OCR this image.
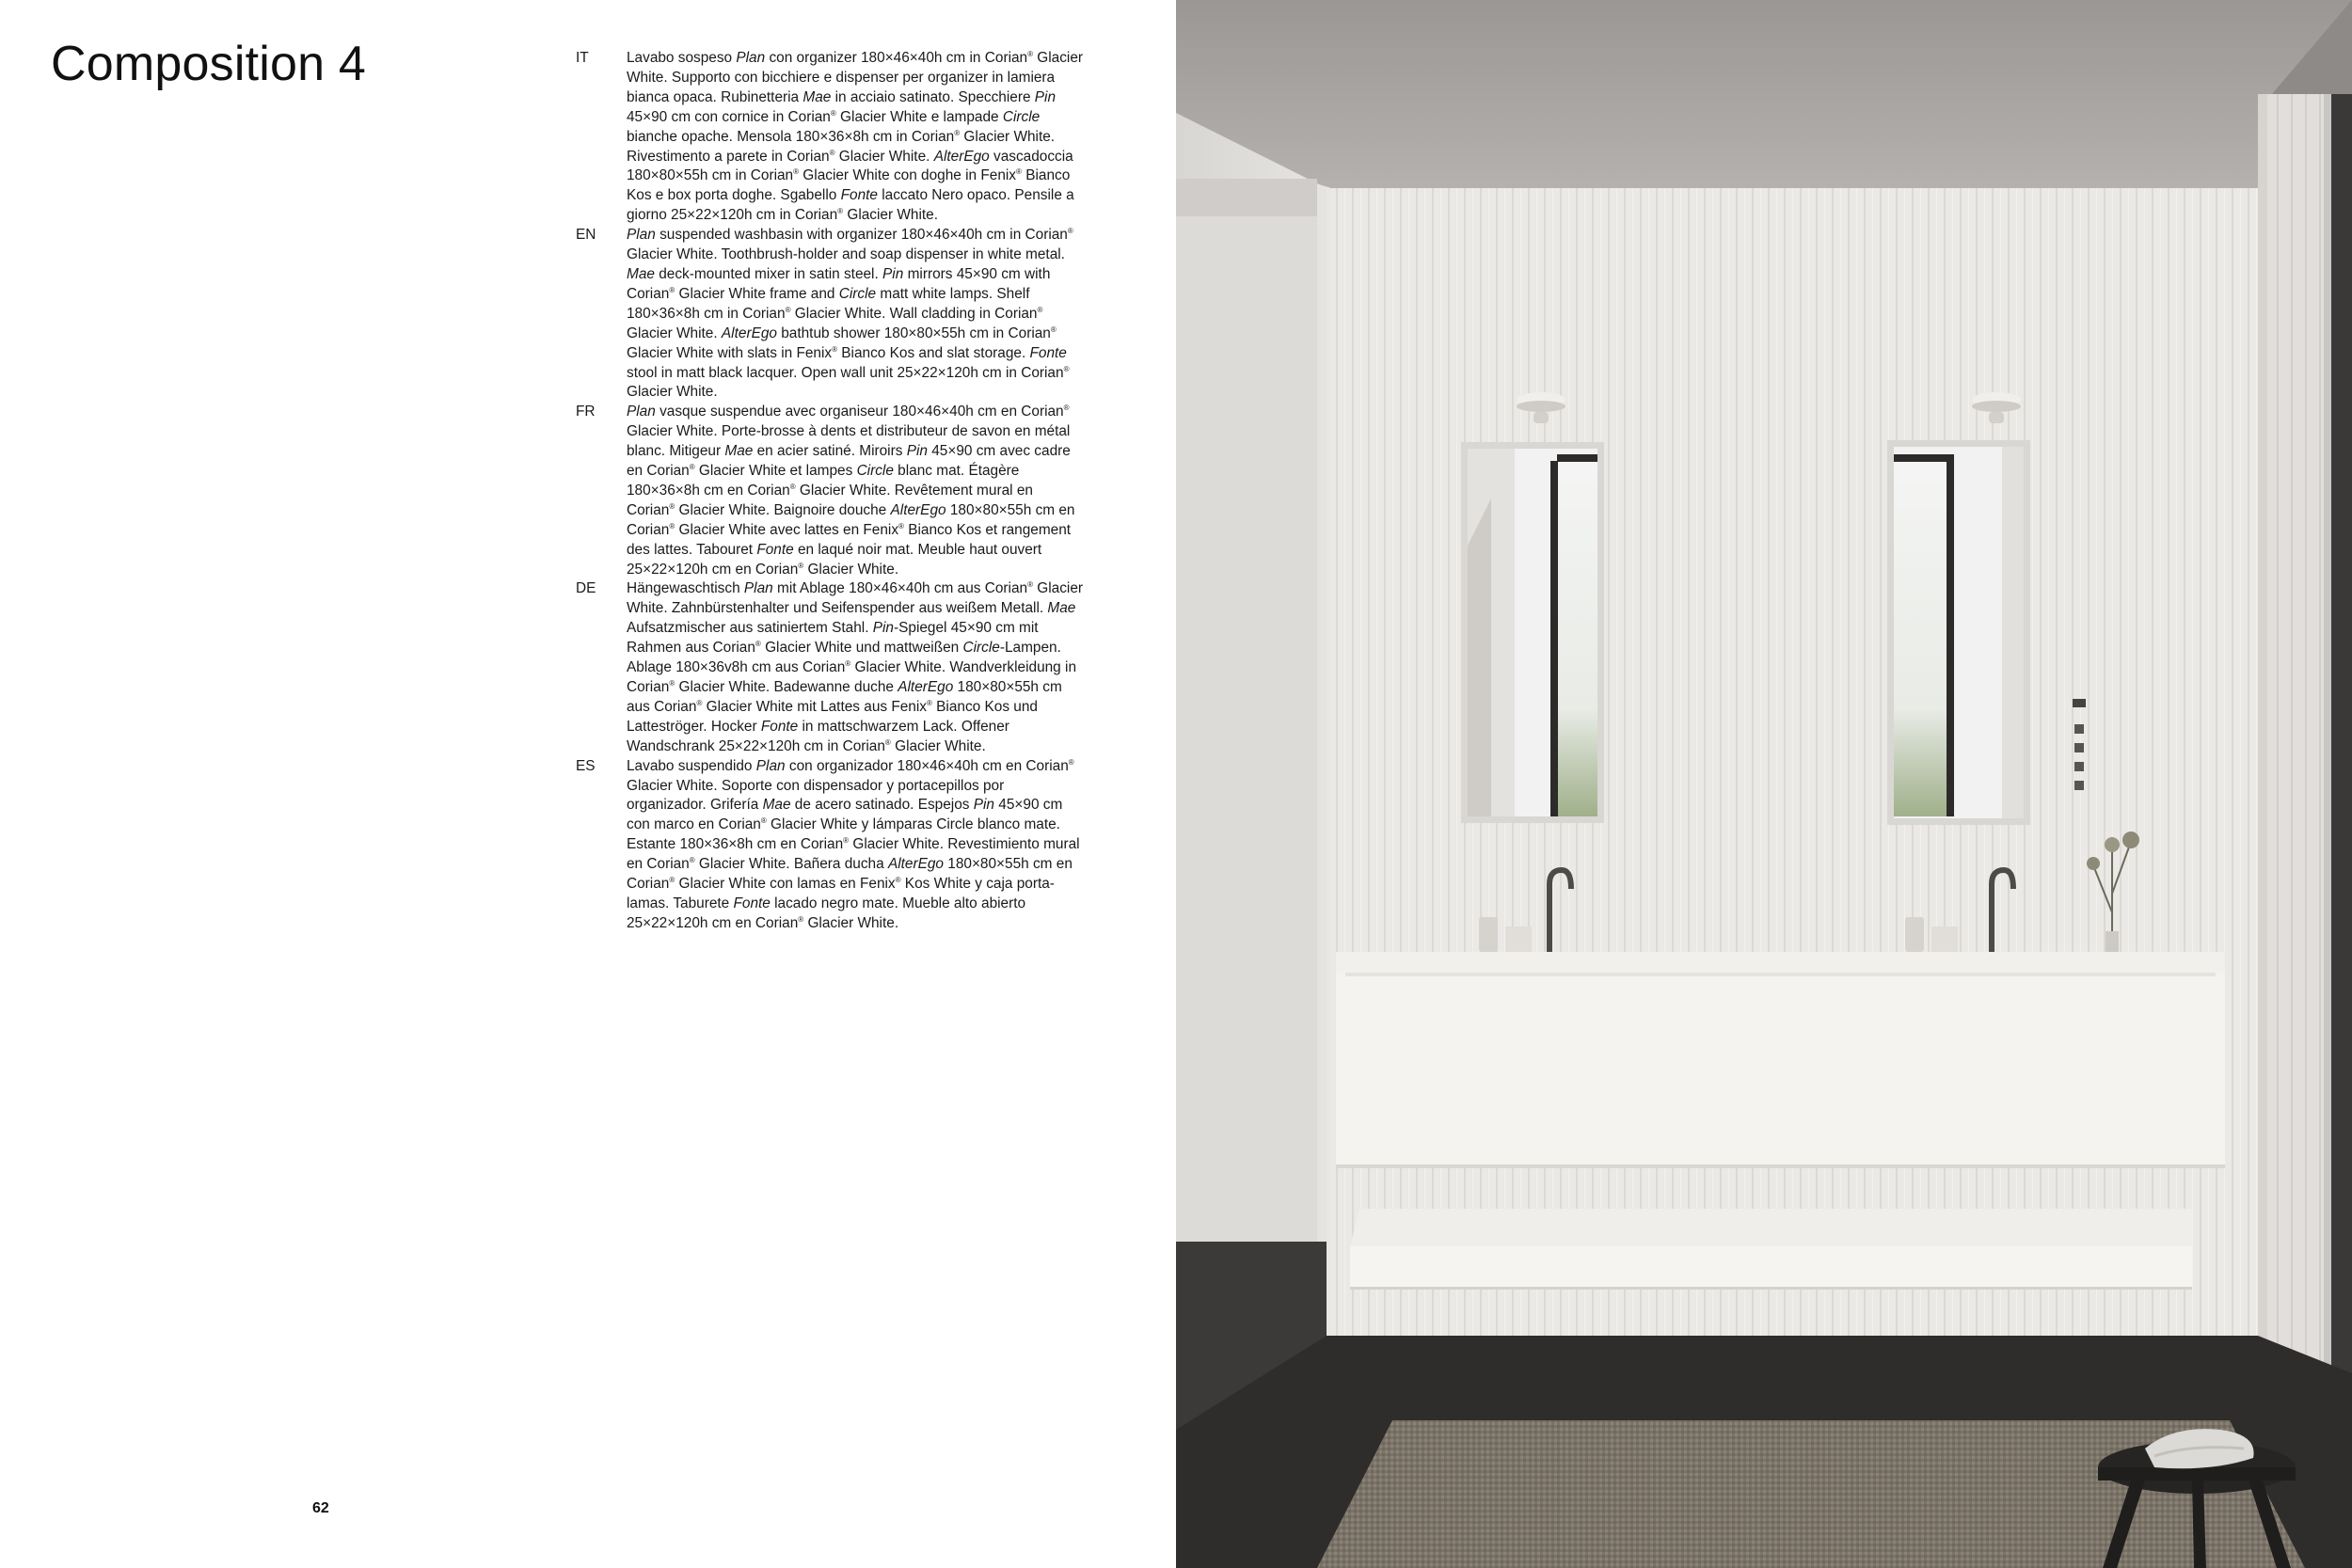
Composition 4	IT	Lavabo sospeso Plan con organizer 180×46×40h cm in Corian® Glacier White. Supporto con bicchiere e dispenser per organizer in lamiera bianca opaca. Rubinetteria Mae in acciaio satinato. Specchiere Pin 45×90 cm con cornice in Corian® Glacier White e lampade Circle bianche opache. Mensola 180×36×8h cm in Corian® Glacier White. Rivestimento a parete in Corian® Glacier White. AlterEgo vascadoccia 180×80×55h cm in Corian® Glacier White con doghe in Fenix® Bianco Kos e box porta doghe. Sgabello Fonte laccato Nero opaco. Pensile a giorno 25×22×120h cm in Corian® Glacier White.
EN	Plan suspended washbasin with organizer 180×46×40h cm in Corian® Glacier White. Toothbrush-holder and soap dispenser in white metal. Mae deck-mounted mixer in satin steel. Pin mirrors 45×90 cm with Corian® Glacier White frame and Circle matt white lamps. Shelf 180×36×8h cm in Corian® Glacier White. Wall cladding in Corian® Glacier White. AlterEgo bathtub shower 180×80×55h cm in Corian® Glacier White with slats in Fenix® Bianco Kos and slat storage. Fonte stool in matt black lacquer. Open wall unit 25×22×120h cm in Corian® Glacier White.
FR	Plan vasque suspendue avec organiseur 180×46×40h cm en Corian® Glacier White. Porte-brosse à dents et distributeur de savon en métal blanc. Mitigeur Mae en acier satiné. Miroirs Pin 45×90 cm avec cadre en Corian® Glacier White et lampes Circle blanc mat. Étagère 180×36×8h cm en Corian® Glacier White. Revêtement mural en Corian® Glacier White. Baignoire douche AlterEgo 180×80×55h cm en Corian® Glacier White avec lattes en Fenix® Bianco Kos et rangement des lattes. Tabouret Fonte en laqué noir mat. Meuble haut ouvert 25×22×120h cm en Corian® Glacier White.
DE	Hängewaschtisch Plan mit Ablage 180×46×40h cm aus Corian® Glacier White. Zahnbürstenhalter und Seifenspender aus weißem Metall. Mae Aufsatzmischer aus satiniertem Stahl. Pin-Spiegel 45×90 cm mit Rahmen aus Corian® Glacier White und mattweißen Circle-Lampen. Ablage 180×36v8h cm aus Corian® Glacier White. Wandverkleidung in Corian® Glacier White. Badewanne duche AlterEgo 180×80×55h cm aus Corian® Glacier White mit Lattes aus Fenix® Bianco Kos und Latteströger. Hocker Fonte in mattschwarzem Lack. Offener Wandschrank 25×22×120h cm in Corian® Glacier White.
ES	Lavabo suspendido Plan con organizador 180×46×40h cm en Corian® Glacier White. Soporte con dispensador y portacepillos por organizador. Grifería Mae de acero satinado. Espejos Pin 45×90 cm con marco en Corian® Glacier White y lámparas Circle blanco mate. Estante 180×36×8h cm en Corian® Glacier White. Revestimiento mural en Corian® Glacier White. Bañera ducha AlterEgo 180×80×55h cm en Corian® Glacier White con lamas en Fenix® Kos White y caja porta-lamas. Taburete Fonte lacado negro mate. Mueble alto abierto 25×22×120h cm en Corian® Glacier White.
62
